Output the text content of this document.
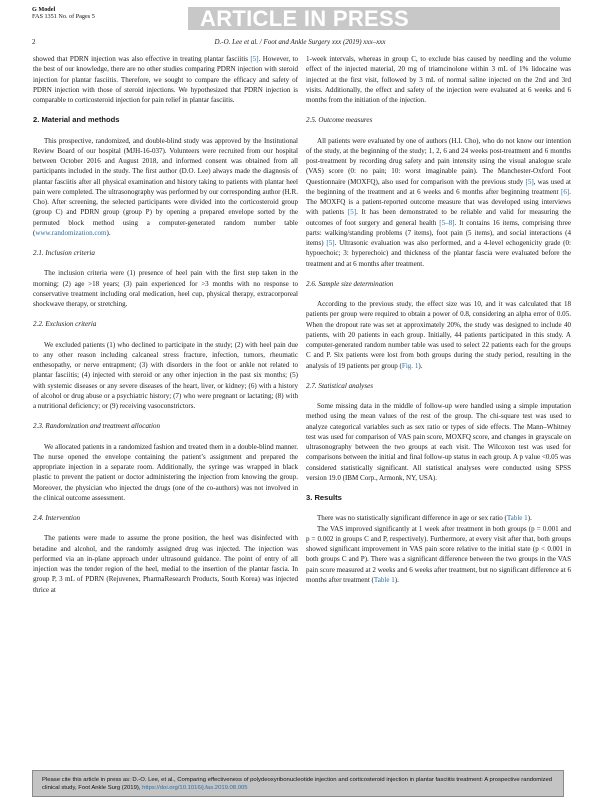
G Model
FAS 1351 No. of Pages 5	ARTICLE IN PRESS
2	D.-O. Lee et al. / Foot and Ankle Surgery xxx (2019) xxx–xxx

showed that PDRN injection was also effective in treating plantar fasciitis [5]. However, to the best of our knowledge, there are no other studies comparing PDRN injection with steroid injection for plantar fasciitis. Therefore, we sought to compare the efficacy and safety of PDRN injection with those of steroid injections. We hypothesized that PDRN injection is comparable to corticosteroid injection for pain relief in plantar fasciitis.

2. Material and methods

This prospective, randomized, and double-blind study was approved by the Institutional Review Board of our hospital (MJH-16-037). Volunteers were recruited from our hospital between October 2016 and August 2018, and informed consent was obtained from all participants included in the study. The first author (D.O. Lee) always made the diagnosis of plantar fasciitis after all physical examination and history taking to patients with plantar heel pain were completed. The ultrasonography was performed by our corresponding author (H.R. Cho). After screening, the selected participants were divided into the corticosteroid group (group C) and PDRN group (group P) by opening a prepared envelope sorted by the permuted block method using a computer-generated random number table (www.randomization.com).

2.1. Inclusion criteria

The inclusion criteria were (1) presence of heel pain with the first step taken in the morning; (2) age >18 years; (3) pain experienced for >3 months with no response to conservative treatment including oral medication, heel cup, physical therapy, extracorporeal shockwave therapy, or stretching.

2.2. Exclusion criteria

We excluded patients (1) who declined to participate in the study; (2) with heel pain due to any other reason including calcaneal stress fracture, infection, tumors, rheumatic enthesopathy, or nerve entrapment; (3) with disorders in the foot or ankle not related to plantar fasciitis; (4) injected with steroid or any other injection in the past six months; (5) with systemic diseases or any severe diseases of the heart, liver, or kidney; (6) with a history of alcohol or drug abuse or a psychiatric history; (7) who were pregnant or lactating; (8) with a nutritional deficiency; or (9) receiving vasoconstrictors.

2.3. Randomization and treatment allocation

We allocated patients in a randomized fashion and treated them in a double-blind manner. The nurse opened the envelope containing the patient’s assignment and prepared the appropriate injection in a separate room. Additionally, the syringe was wrapped in black plastic to prevent the patient or doctor administering the injection from knowing the group. Moreover, the physician who injected the drugs (one of the co-authors) was not involved in the clinical outcome assessment.

2.4. Intervention

The patients were made to assume the prone position, the heel was disinfected with betadine and alcohol, and the randomly assigned drug was injected. The injection was performed via an in-plane approach under ultrasound guidance. The point of entry of all injection was the tender region of the heel, medial to the insertion of the plantar fascia. In group P, 3 mL of PDRN (Rejuvenex, PharmaResearch Products, South Korea) was injected thrice at

1-week intervals, whereas in group C, to exclude bias caused by needling and the volume effect of the injected material, 20 mg of triamcinolone within 3 mL of 1% lidocaine was injected at the first visit, followed by 3 mL of normal saline injected on the 2nd and 3rd visits. Additionally, the effect and safety of the injection were evaluated at 6 weeks and 6 months from the initiation of the injection.

2.5. Outcome measures

All patients were evaluated by one of authors (H.I. Cho), who do not know our intention of the study, at the beginning of the study; 1, 2, 6 and 24 weeks post-treatment and 6 months post-treatment by recording drug safety and pain intensity using the visual analogue scale (VAS) score (0: no pain; 10: worst imaginable pain). The Manchester-Oxford Foot Questionnaire (MOXFQ), also used for comparison with the previous study [5], was used at the beginning of the treatment and at 6 weeks and 6 months after beginning treatment [6]. The MOXFQ is a patient-reported outcome measure that was developed using interviews with patients [5]. It has been demonstrated to be reliable and valid for measuring the outcomes of foot surgery and general health [5–8]. It contains 16 items, comprising three parts: walking/standing problems (7 items), foot pain (5 items), and social interactions (4 items) [5]. Ultrasonic evaluation was also performed, and a 4-level echogenicity grade (0: hypoechoic; 3: hyperechoic) and thickness of the plantar fascia were evaluated before the treatment and at 6 months after treatment.

2.6. Sample size determination

According to the previous study, the effect size was 10, and it was calculated that 18 patients per group were required to obtain a power of 0.8, considering an alpha error of 0.05. When the dropout rate was set at approximately 20%, the study was designed to include 40 patients, with 20 patients in each group. Initially, 44 patients participated in this study. A computer-generated random number table was used to select 22 patients each for the groups C and P. Six patients were lost from both groups during the study period, resulting in the analysis of 19 patients per group (Fig. 1).

2.7. Statistical analyses

Some missing data in the middle of follow-up were handled using a simple imputation method using the mean values of the rest of the group. The chi-square test was used to analyze categorical variables such as sex ratio or types of side effects. The Mann–Whitney test was used for comparison of VAS pain score, MOXFQ score, and changes in grayscale on ultrasonography between the two groups at each visit. The Wilcoxon test was used for comparisons between the initial and final follow-up status in each group. A p value <0.05 was considered statistically significant. All statistical analyses were conducted using SPSS version 19.0 (IBM Corp., Armonk, NY, USA).

3. Results

There was no statistically significant difference in age or sex ratio (Table 1).

The VAS improved significantly at 1 week after treatment in both groups (p = 0.001 and p = 0.002 in groups C and P, respectively). Furthermore, at every visit after that, both groups showed significant improvement in VAS pain score relative to the initial state (p < 0.001 in both groups C and P). There was a significant difference between the two groups in the VAS pain score measured at 2 weeks and 6 weeks after treatment, but no significant difference at 6 months after treatment (Table 1).

Please cite this article in press as: D.-O. Lee, et al., Comparing effectiveness of polydeoxyribonucleotide injection and corticosteroid injection in plantar fasciitis treatment: A prospective randomized clinical study, Foot Ankle Surg (2019), https://doi.org/10.1016/j.fas.2019.08.005
